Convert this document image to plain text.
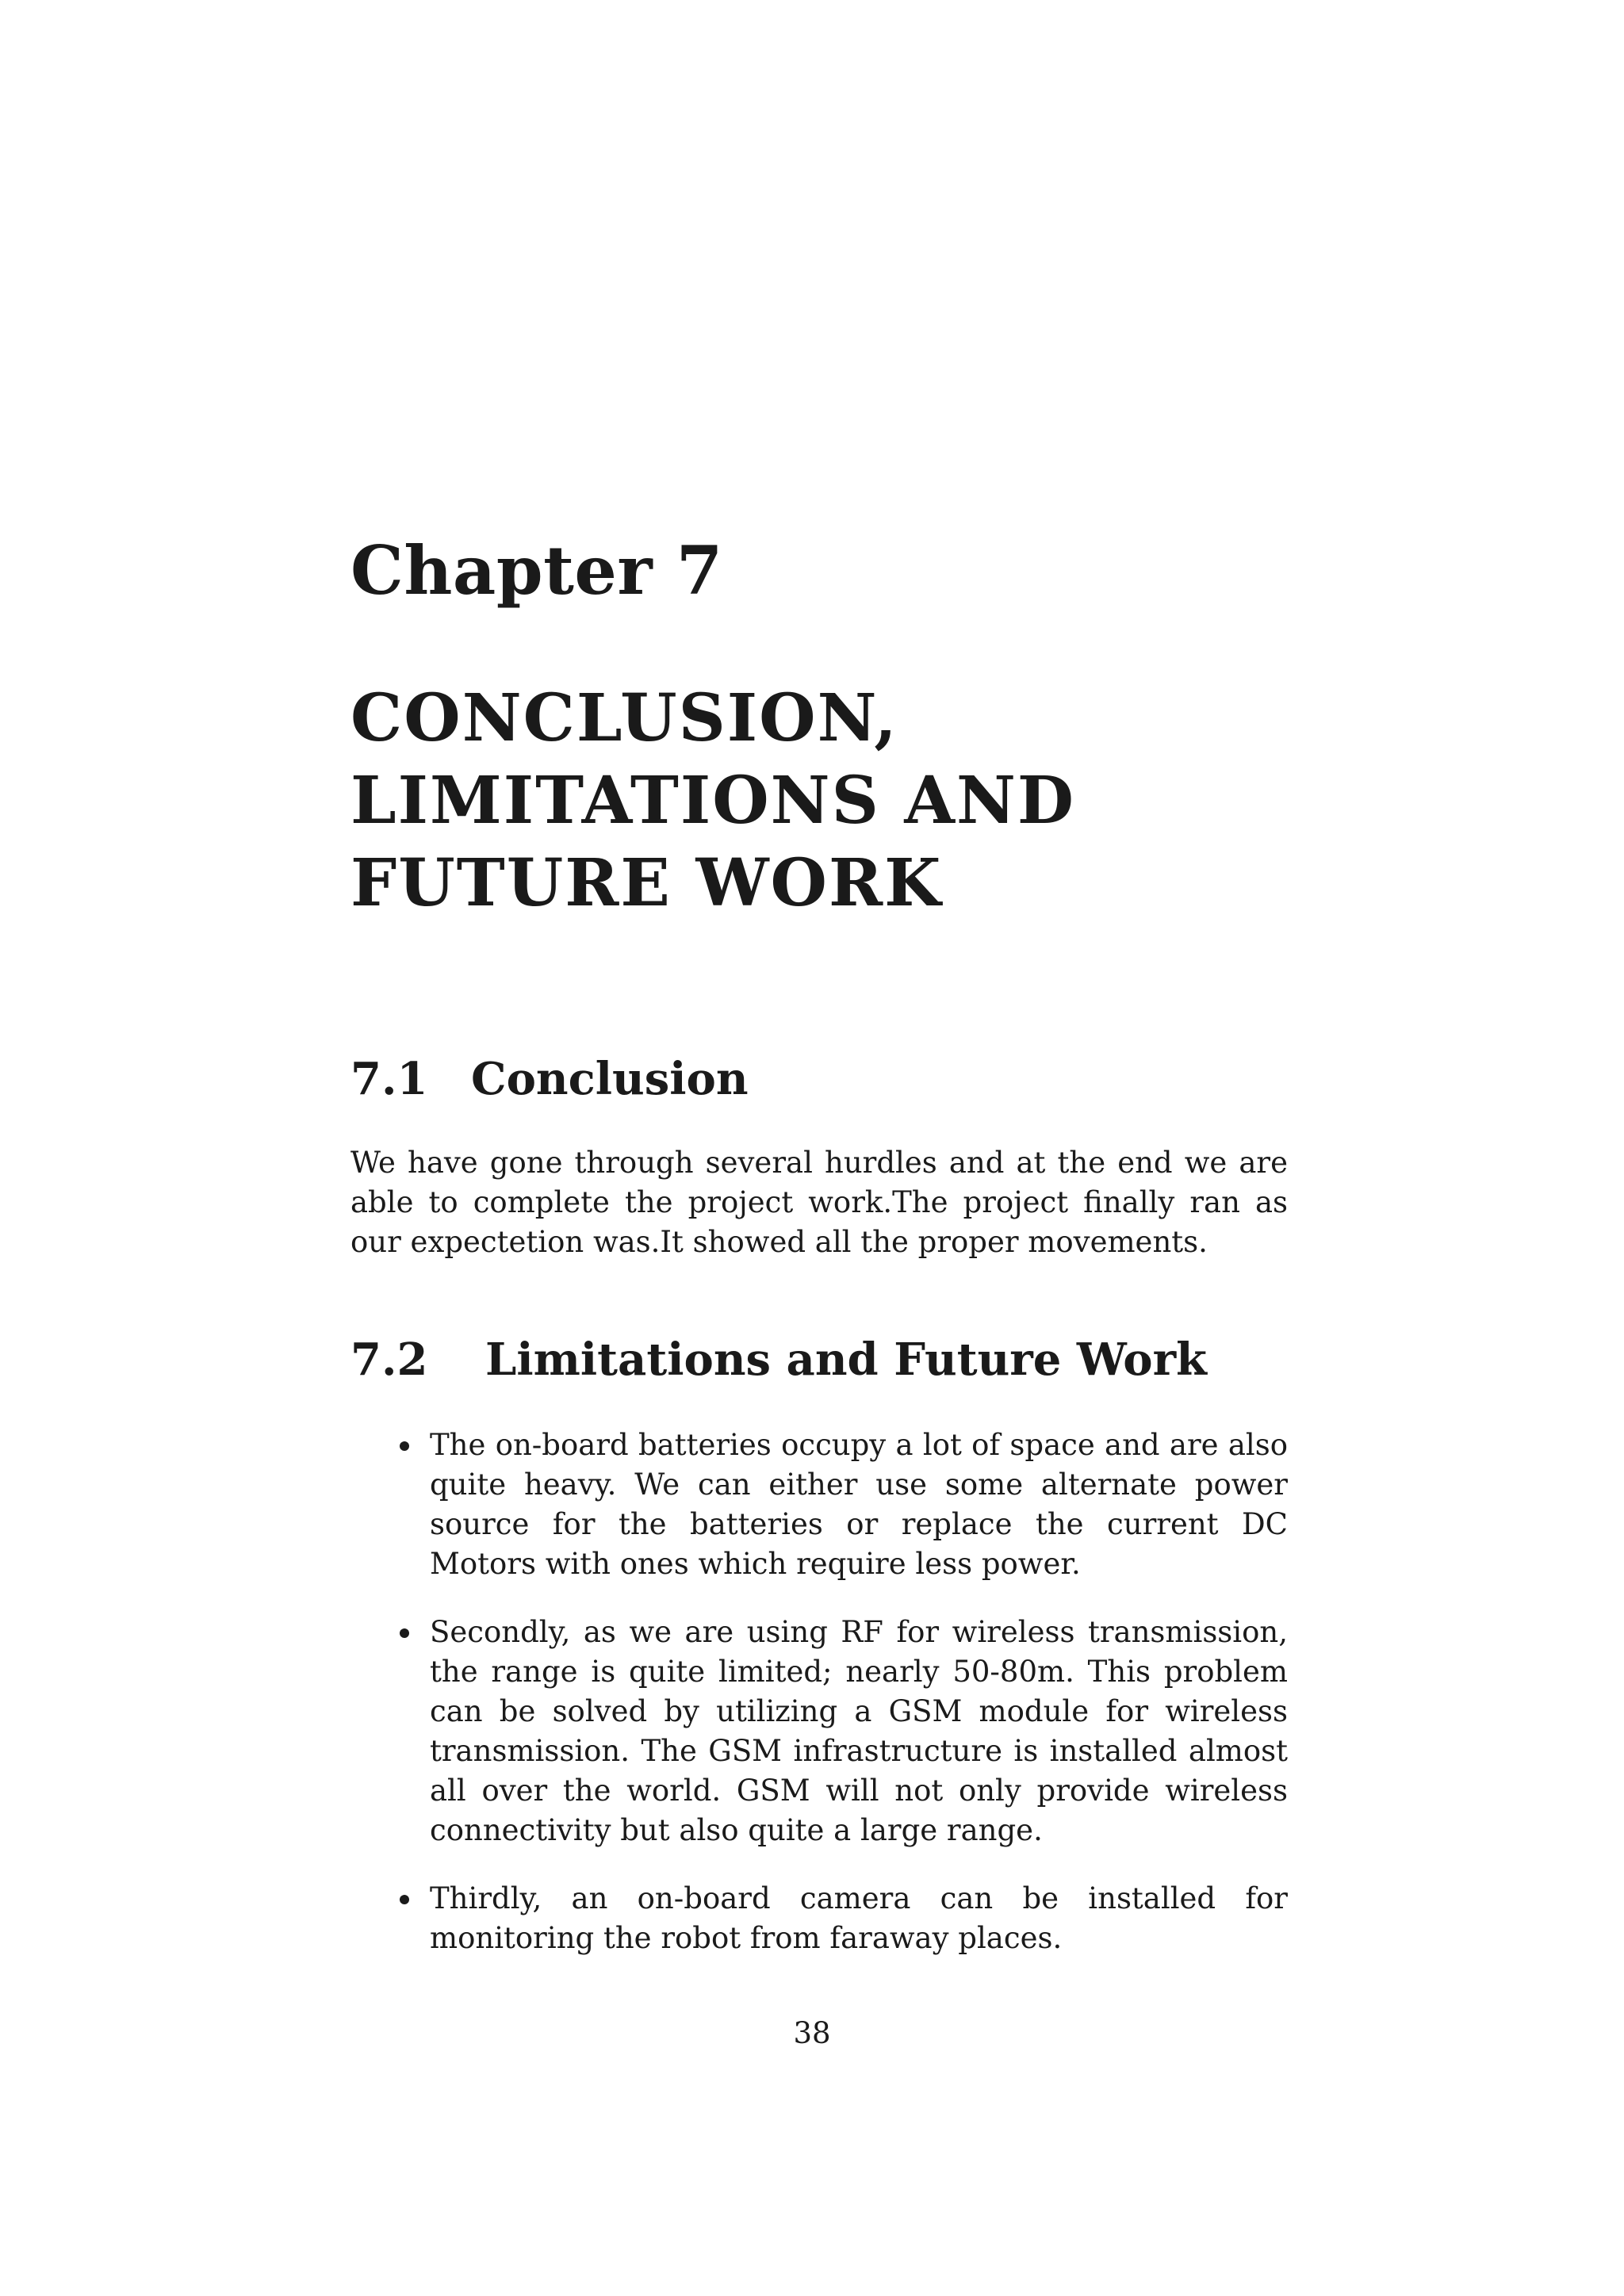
Chapter 7
CONCLUSION,
LIMITATIONS AND
FUTURE WORK
7.1 Conclusion

We have gone through several hurdles and at the end we are able to complete the project work.The project finally ran as our expectetion was.It showed all the proper movements.

7.2 Limitations and Future Work
The on-board batteries occupy a lot of space and are also quite heavy. We can either use some alternate power source for the batteries or replace the current DC Motors with ones which require less power.
Secondly, as we are using RF for wireless transmission, the range is quite limited; nearly 50-80m. This problem can be solved by utilizing a GSM module for wireless transmission. The GSM infrastructure is installed almost all over the world. GSM will not only provide wireless connectivity but also quite a large range.
Thirdly, an on-board camera can be installed for monitoring the robot from faraway places.
38
